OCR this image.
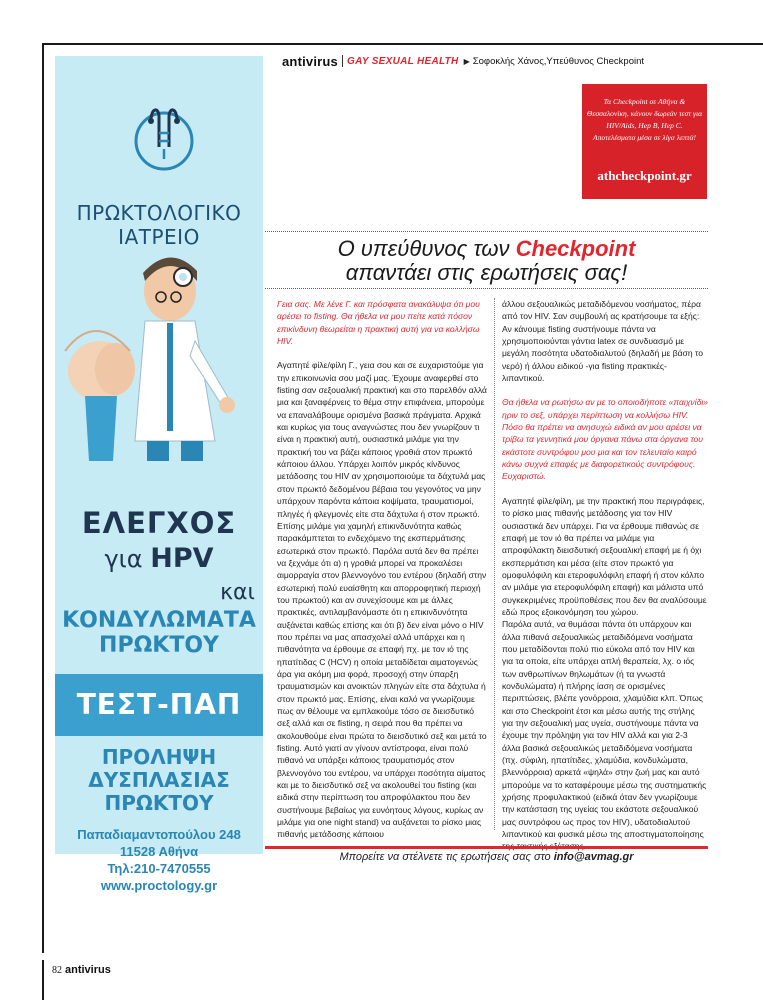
ΠΡΩΚΤΟΛΟΓΙΚΟ
ΙΑΤΡΕΙΟ
ΕΛΕΓΧΟΣ
για HPV
και
ΚΟΝΔΥΛΩΜΑΤΑ
ΠΡΩΚΤΟΥ
ΤΕΣΤ-ΠΑΠ
ΠΡΟΛΗΨΗ
ΔΥΣΠΛΑΣΙΑΣ
ΠΡΩΚΤΟΥ
Παπαδιαμαντοπούλου 248
11528 Αθήνα
Τηλ:210-7470555
www.proctology.gr
antivirus GAY SEXUAL HEALTH ▶ Σοφοκλής Χάνος,Υπεύθυνος Checkpoint
Τα Checkpoint σε Αθήνα & Θεσσαλονίκη, κάνουν δωρεάν τεστ για HIV/Aids, Hep B, Hep C. Αποτελέσματα μέσα σε λίγα λεπτά!
athcheckpoint.gr
Ο υπεύθυνος των Checkpoint
απαντάει στις ερωτήσεις σας!

Γεια σας. Με λένε Γ. και πρόσφατα ανακάλυψα ότι μου αρέσει το fisting. Θα ήθελα να μου πείτε κατά πόσον επικίνδυνη θεωρείται η πρακτική αυτή για να κολλήσω HIV.

Αγαπητέ φίλε/φίλη Γ., γεια σου και σε ευχαριστούμε για την επικοινωνία σου μαζί μας. Έχουμε αναφερθεί στο fisting σαν σεξουαλική πρακτική και στο παρελθόν αλλά μια και ξαναφέρνεις το θέμα στην επιφάνεια, μπορούμε να επαναλάβουμε ορισμένα βασικά πράγματα. Αρχικά και κυρίως για τους αναγνώστες που δεν γνωρίζουν τι είναι η πρακτική αυτή, ουσιαστικά μιλάμε για την πρακτική του να βάζει κάποιος γροθιά στον πρωκτό κάποιου άλλου. Υπάρχει λοιπόν μικρός κίνδυνος μετάδοσης του HIV αν χρησιμοποιούμε τα δάχτυλά μας στον πρωκτό δεδομένου βέβαια του γεγονότος να μην υπάρχουν παρόντα κάποια κοψίματα, τραυματισμοί, πληγές ή φλεγμονές είτε στα δάχτυλα ή στον πρωκτό. Επίσης μιλάμε για χαμηλή επικινδυνότητα καθώς παρακάμπτεται το ενδεχόμενο της εκσπερμάτισης εσωτερικά στον πρωκτό. Παρόλα αυτά δεν θα πρέπει να ξεχνάμε ότι α) η γροθιά μπορεί να προκαλέσει αιμορραγία στον βλεννογόνο του εντέρου (δηλαδή στην εσωτερική πολύ ευαίσθητη και απορροφητική περιοχή του πρωκτού) και αν συνεχίσουμε και με άλλες πρακτικές, αντιλαμβανόμαστε ότι η επικινδυνότητα αυξάνεται καθώς επίσης και ότι β) δεν είναι μόνο ο HIV που πρέπει να μας απασχολεί αλλά υπάρχει και η πιθανότητα να έρθουμε σε επαφή πχ. με τον ιό της ηπατίτιδας C (HCV) η οποία μεταδίδεται αιματογενώς άρα για ακόμη μια φορά, προσοχή στην ύπαρξη τραυματισμών και ανοικτών πληγών είτε στα δάχτυλα ή στον πρωκτό μας. Επίσης, είναι καλό να γνωρίζουμε πως αν θέλουμε να εμπλακούμε τόσο σε διεισδυτικό σεξ αλλά και σε fisting, η σειρά που θα πρέπει να ακολουθούμε είναι πρώτα το διεισδυτικό σεξ και μετά το fisting. Αυτό γιατί αν γίνουν αντίστροφα, είναι πολύ πιθανό να υπάρξει κάποιος τραυματισμός στον βλεννογόνο του εντέρου, να υπάρχει ποσότητα αίματος και με το διεισδυτικό σεξ να ακολουθεί του fisting (και ειδικά στην περίπτωση του απροφύλακτου που δεν συστήνουμε βεβαίως για ευνόητους λόγους, κυρίως αν μιλάμε για one night stand) να αυξάνεται το ρίσκο μιας πιθανής μετάδοσης κάποιου

άλλου σεξουαλικώς μεταδιδόμενου νοσήματος, πέρα από τον HIV. Σαν συμβουλή ας κρατήσουμε τα εξής: Αν κάνουμε fisting συστήνουμε πάντα να χρησιμοποιούνται γάντια latex σε συνδυασμό με μεγάλη ποσότητα υδατοδιαλυτού (δηλαδή με βάση το νερό) ή άλλου ειδικού -για fisting πρακτικές- λιπαντικού.

Θα ήθελα να ρωτήσω αν με το οποιοδήποτε «παιχνίδι» ηριν το σεξ, υπάρχει περίπτωση να κολλήσω HIV. Πόσο θα πρέπει να ανησυχώ ειδικά αν μου αρέσει να τρίβω τα γεννητικά μου όργανα πάνω στα όργανα του εκάστοτε συντρόφου μου μια και τον τελευταίο καιρό κάνω συχνά επαφές με διαφορετικούς συντρόφους. Ευχαριστώ.

Αγαπητέ φίλε/φίλη, με την πρακτική που περιγράφεις, το ρίσκο μιας πιθανής μετάδοσης για τον HIV ουσιαστικά δεν υπάρχει. Για να έρθουμε πιθανώς σε επαφή με τον ιό θα πρέπει να μιλάμε για απροφύλακτη διεισδυτική σεξουαλική επαφή με ή όχι εκσπερμάτιση και μέσα (είτε στον πρωκτό για ομοφυλόφιλη και ετεροφυλόφιλη επαφή ή στον κόλπο αν μιλάμε για ετεροφυλόφιλη επαφή) και μάλιστα υπό συγκεκριμένες προϋποθέσεις που δεν θα αναλύσουμε εδώ προς εξοικονόμηση του χώρου.

Παρόλα αυτά, να θυμάσαι πάντα ότι υπάρχουν και άλλα πιθανά σεξουαλικώς μεταδιδόμενα νοσήματα που μεταδίδονται πολύ πιο εύκολα από τον HIV και για τα οποία, είτε υπάρχει απλή θεραπεία, λχ. ο ιός των ανθρωπίνων θηλωμάτων (ή τα γνωστά κονδυλώματα) ή πλήρης ίαση σε ορισμένες περιπτώσεις, βλέπε γονόρροια, χλαμύδια κλπ. Όπως και στο Checkpoint έτσι και μέσω αυτής της στήλης για την σεξουαλική μας υγεία, συστήνουμε πάντα να έχουμε την πρόληψη για τον HIV αλλά και για 2-3 άλλα βασικά σεξουαλικώς μεταδιδόμενα νοσήματα (πχ. σύφιλη, ηπατίτιδες, χλαμύδια, κονδυλώματα, βλεννόρροια) αρκετά «ψηλά» στην ζωή μας και αυτό μπορούμε να το καταφέρουμε μέσω της συστηματικής χρήσης προφυλακτικού (ειδικά όταν δεν γνωρίζουμε την κατάσταση της υγείας του εκάστοτε σεξουαλικού μας συντρόφου ως προς τον HIV), υδατοδιαλυτού λιπαντικού και φυσικά μέσω της αποστιγματοποίησης

Μπορείτε να στέλνετε τις ερωτήσεις σας στο info@avmag.gr
82 antivirus
